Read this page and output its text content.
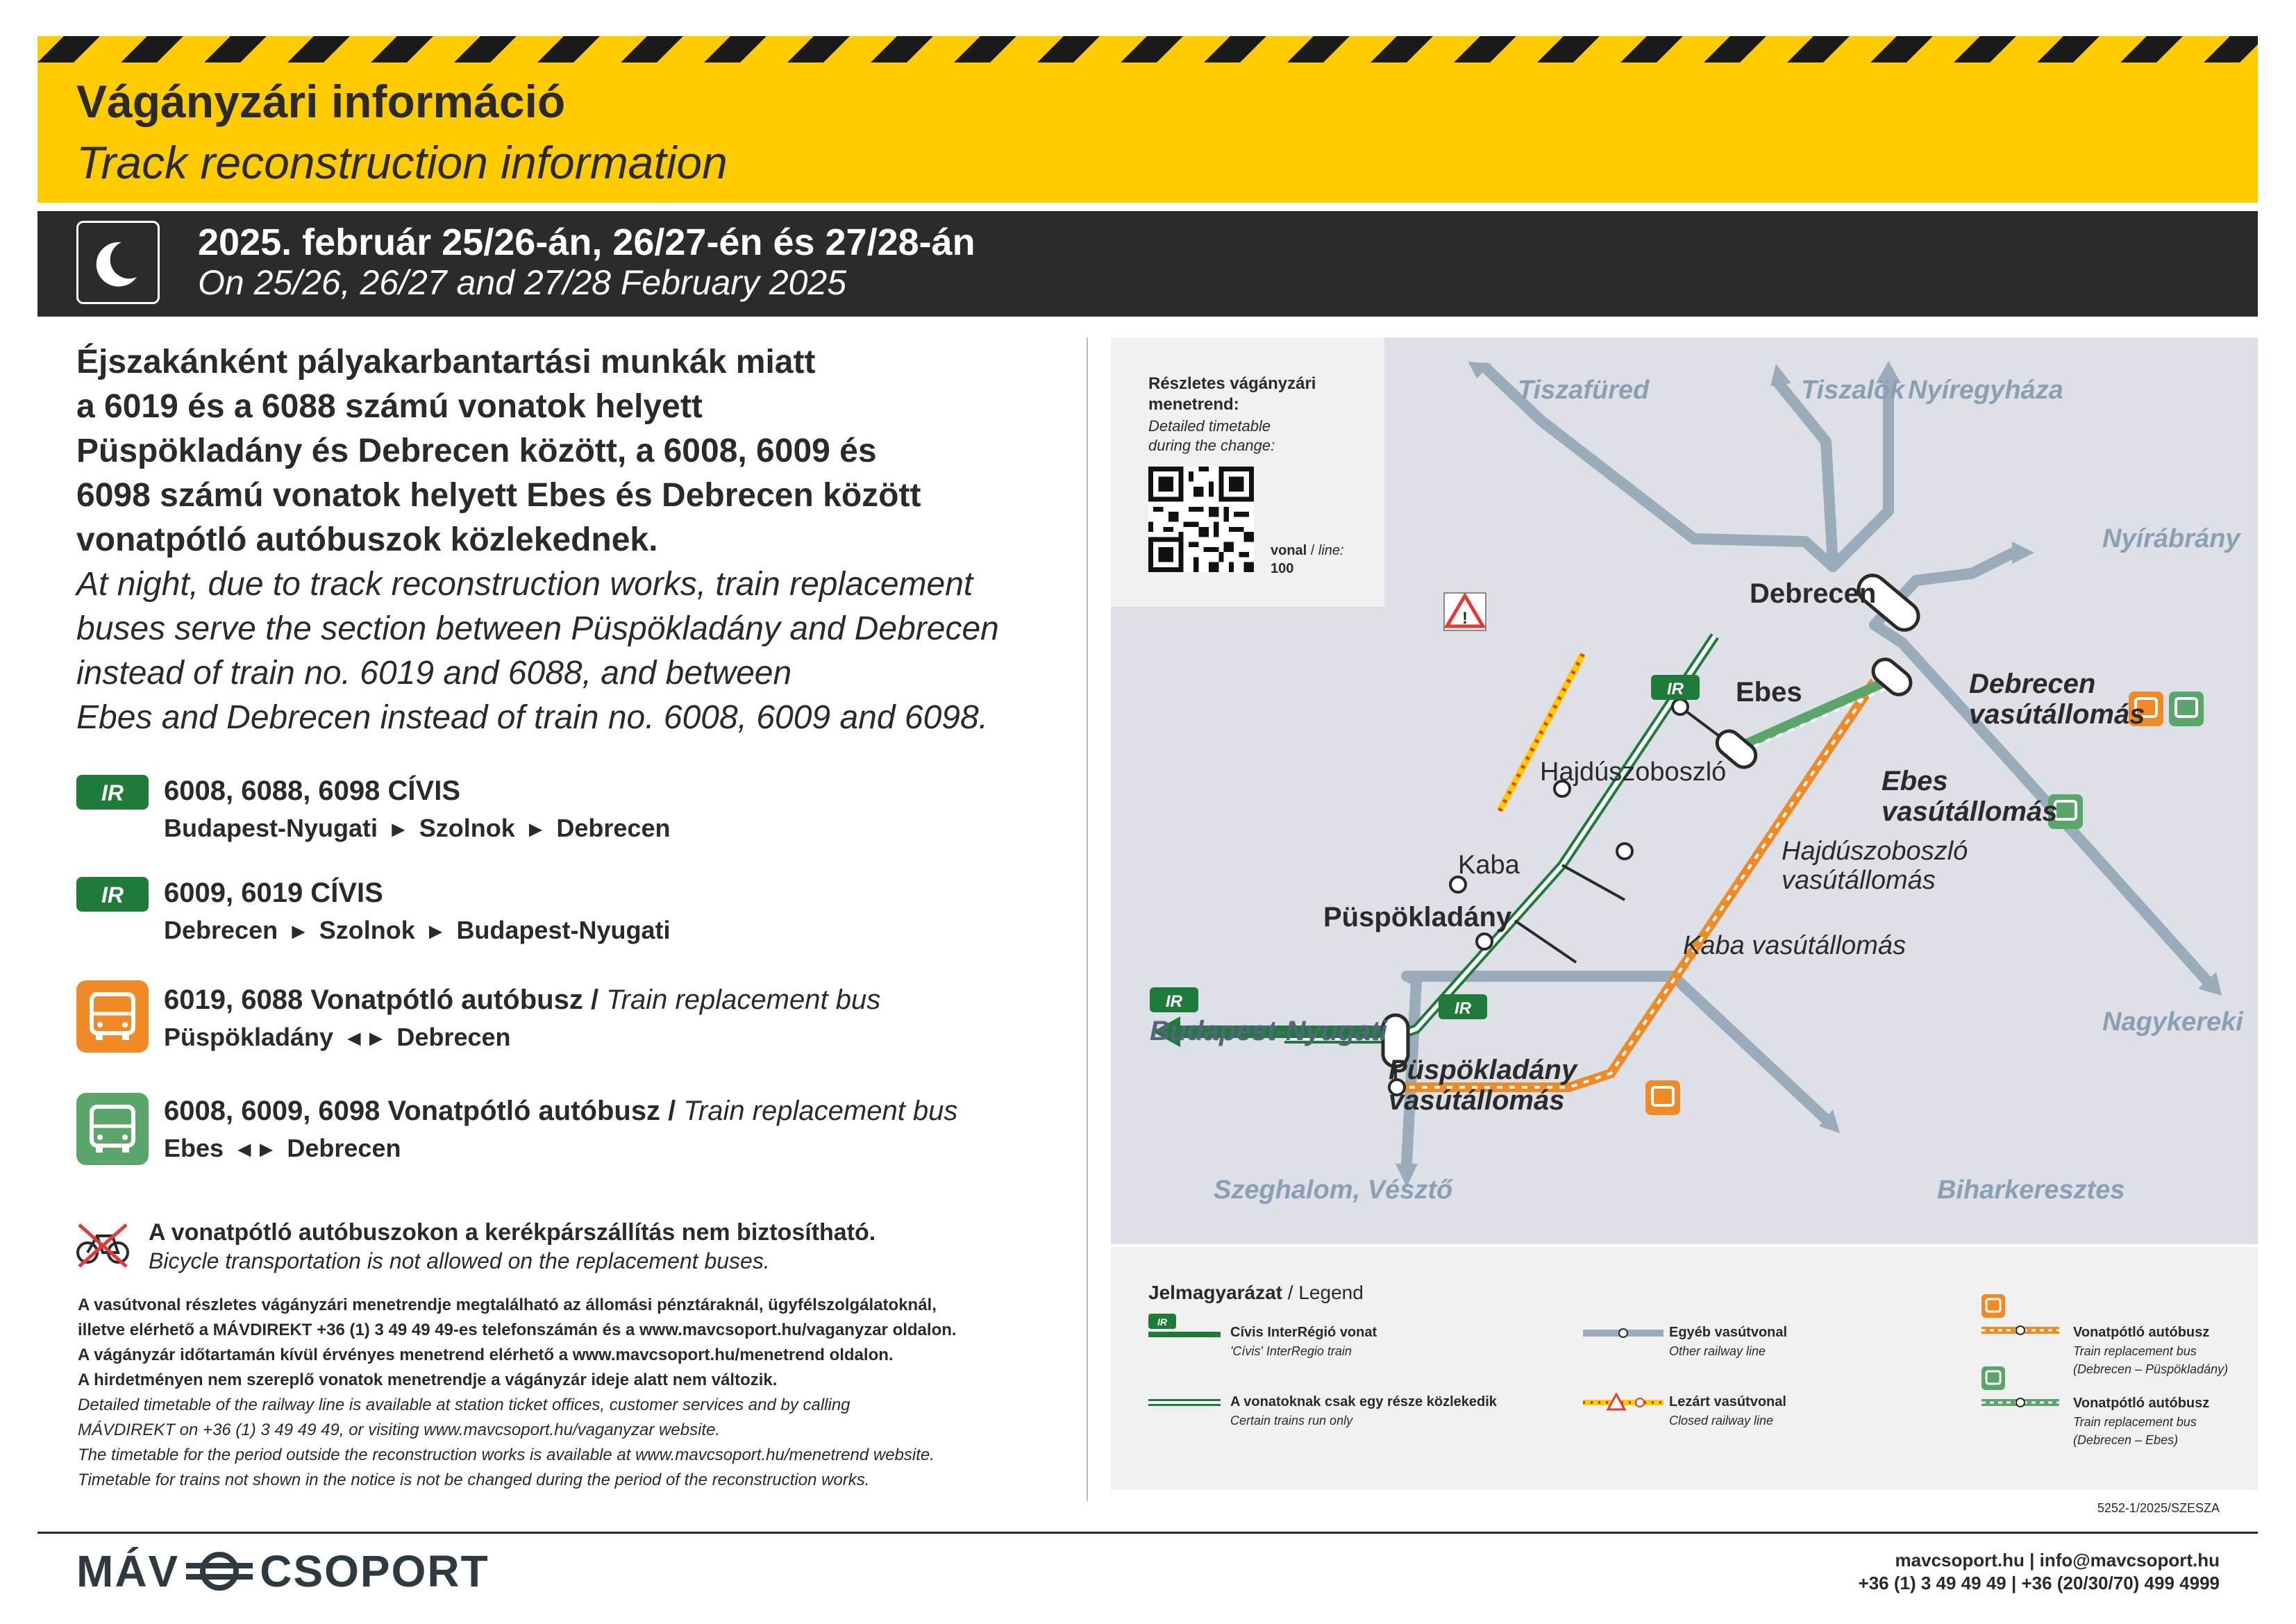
Vágányzári információ
Track reconstruction information
2025. február 25/26-án, 26/27-én és 27/28-án
On 25/26, 26/27 and 27/28 February 2025
Éjszakánként pályakarbantartási munkák miatt
a 6019 és a 6088 számú vonatok helyett
Püspökladány és Debrecen között, a 6008, 6009 és
6098 számú vonatok helyett Ebes és Debrecen között
vonatpótló autóbuszok közlekednek.
At night, due to track reconstruction works, train replacement
buses serve the section between Püspökladány and Debrecen
instead of train no. 6019 and 6088, and between
Ebes and Debrecen instead of train no. 6008, 6009 and 6098.
IR 6008, 6088, 6098 CÍVIS
Budapest-Nyugati ► Szolnok ► Debrecen
IR 6009, 6019 CÍVIS
Debrecen ► Szolnok ► Budapest-Nyugati
6019, 6088 Vonatpótló autóbusz / Train replacement bus
Püspökladány ◄► Debrecen
6008, 6009, 6098 Vonatpótló autóbusz / Train replacement bus
Ebes ◄► Debrecen
A vonatpótló autóbuszokon a kerékpárszállítás nem biztosítható.
Bicycle transportation is not allowed on the replacement buses.
A vasútvonal részletes vágányzári menetrendje megtalálható az állomási pénztáraknál, ügyfélszolgálatoknál,
illetve elérhető a MÁVDIREKT +36 (1) 3 49 49 49-es telefonszámán és a www.mavcsoport.hu/vaganyzar oldalon.
A vágányzár időtartamán kívül érvényes menetrend elérhető a www.mavcsoport.hu/menetrend oldalon.
A hirdetményen nem szereplő vonatok menetrendje a vágányzár ideje alatt nem változik.
Detailed timetable of the railway line is available at station ticket offices, customer services and by calling
MÁVDIREKT on +36 (1) 3 49 49 49, or visiting www.mavcsoport.hu/vaganyzar website.
The timetable for the period outside the reconstruction works is available at www.mavcsoport.hu/menetrend website.
Timetable for trains not shown in the notice is not be changed during the period of the reconstruction works.
!
IR
IR
IR
Tiszafüred	Tiszalök Nyíregyháza
Nyírábrány
Nagykereki
Biharkeresztes
Szeghalom, Vésztő
Budapest-Nyugati
Debrecen
Ebes
Hajdúszoboszló
Kaba
Püspökladány
Debrecen
vasútállomás
Ebes
vasútállomás
Hajdúszoboszló
vasútállomás
Kaba vasútállomás
Püspökladány
vasútállomás
Részletes vágányzári
menetrend:
Detailed timetable
during the change:
vonal / line:
100
Jelmagyarázat / Legend
IR
Cívis InterRégió vonat
'Cívis' InterRegio train
A vonatoknak csak egy része közlekedik
Certain trains run only
Egyéb vasútvonal
Other railway line
Lezárt vasútvonal
Closed railway line
Vonatpótló autóbusz
Train replacement bus
(Debrecen – Püspökladány)
Vonatpótló autóbusz
Train replacement bus
(Debrecen – Ebes)
5252-1/2025/SZESZA
MÁV CSOPORT	mavcsoport.hu | info@mavcsoport.hu
+36 (1) 3 49 49 49 | +36 (20/30/70) 499 4999
